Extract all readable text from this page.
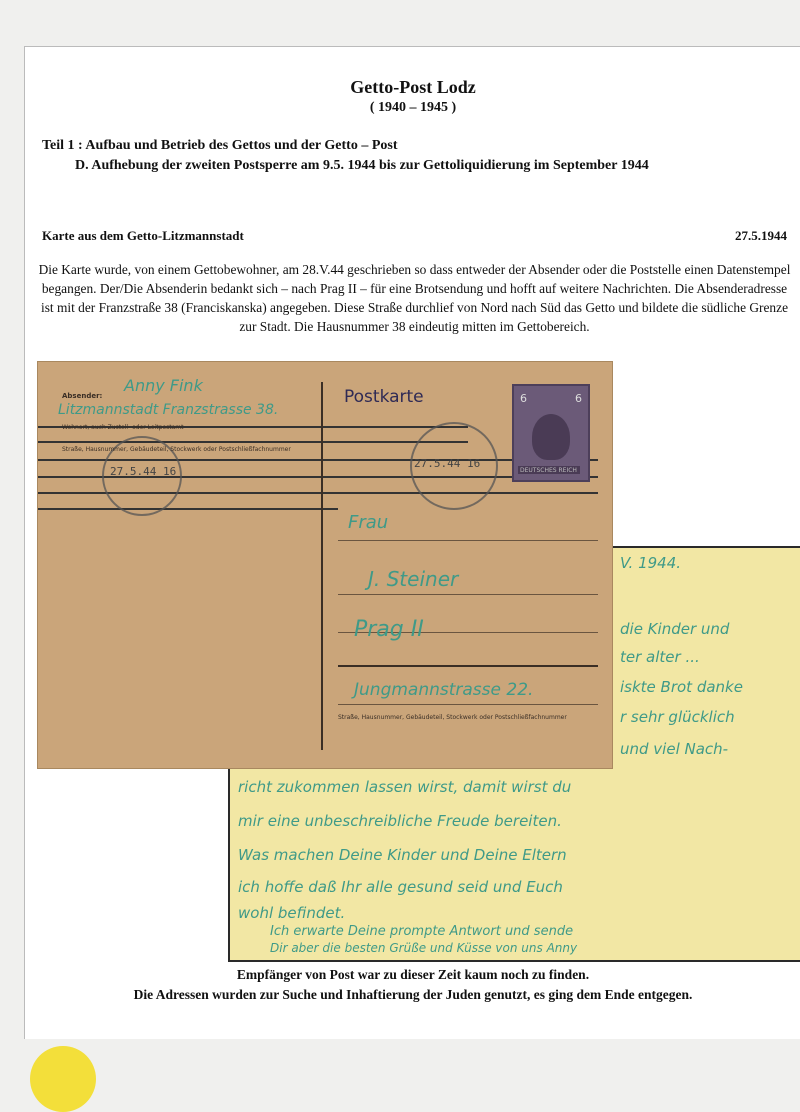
Getto-Post Lodz
( 1940 – 1945 )
Teil 1 : Aufbau und Betrieb des Gettos und der Getto – Post
D. Aufhebung der zweiten Postsperre am 9.5. 1944 bis zur Gettoliquidierung im September 1944
Karte aus dem Getto-Litzmannstadt	27.5.1944
Die Karte wurde, von einem Gettobewohner, am 28.V.44 geschrieben so dass entweder der Absender oder die Poststelle einen Datenstempel begangen. Der/Die Absenderin bedankt sich – nach Prag II – für eine Brotsendung und hofft auf weitere Nachrichten. Die Absenderadresse ist mit der Franzstraße 38 (Franciskanska) angegeben. Diese Straße durchlief von Nord nach Süd das Getto und bildete die südliche Grenze zur Stadt. Die Hausnummer 38 eindeutig mitten im Gettobereich.
Empfänger von Post war zu dieser Zeit kaum noch zu finden.
Die Adressen wurden zur Suche und Inhaftierung der Juden genutzt, es ging dem Ende entgegen.
V. 1944.
die Kinder und
ter alter ...
iskte Brot danke
r sehr glücklich
und viel Nach-
richt zukommen lassen wirst, damit wirst du
mir eine unbeschreibliche Freude bereiten.
Was machen Deine Kinder und Deine Eltern
ich hoffe daß Ihr alle gesund seid und Euch
wohl befindet.
Ich erwarte Deine prompte Antwort und sende
Dir aber die besten Grüße und Küsse von uns Anny
27.5.44 16
27.5.44 16
Absender:
Anny Fink
Litzmannstadt Franzstrasse 38.
Wohnort, auch Zustell- oder Leitpostamt
Straße, Hausnummer, Gebäudeteil, Stockwerk oder Postschließfachnummer
Postkarte	6	6
DEUTSCHES REICH
Frau
J. Steiner
Prag II
Jungmannstrasse 22.
Straße, Hausnummer, Gebäudeteil, Stockwerk oder Postschließfachnummer
